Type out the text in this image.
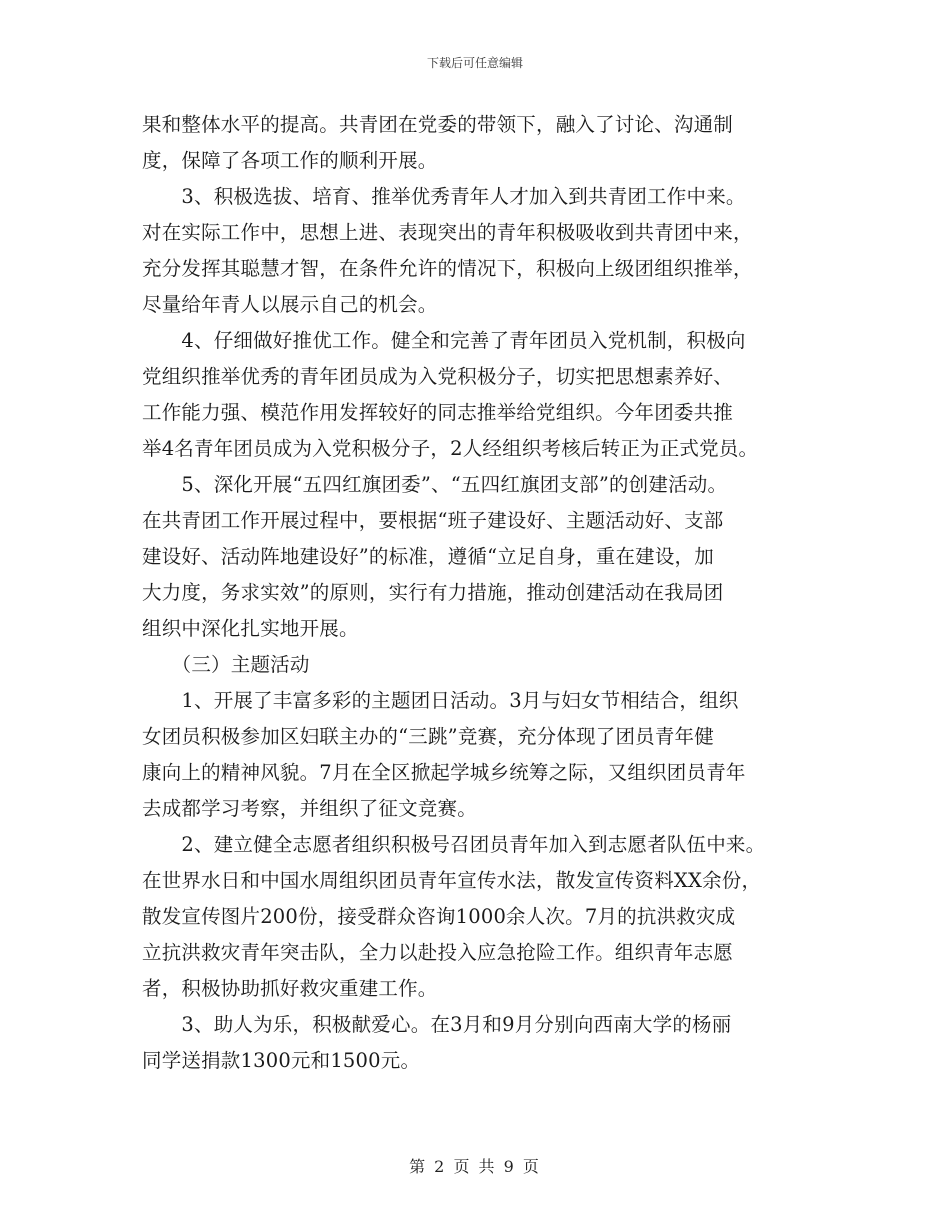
下载后可任意编辑
果和整体水平的提高。共青团在党委的带领下，融入了讨论、沟通制
度，保障了各项工作的顺利开展。
　　3、积极选拔、培育、推举优秀青年人才加入到共青团工作中来。
对在实际工作中，思想上进、表现突出的青年积极吸收到共青团中来，
充分发挥其聪慧才智，在条件允许的情况下，积极向上级团组织推举，
尽量给年青人以展示自己的机会。
　　4、仔细做好推优工作。健全和完善了青年团员入党机制，积极向
党组织推举优秀的青年团员成为入党积极分子，切实把思想素养好、
工作能力强、模范作用发挥较好的同志推举给党组织。今年团委共推
举4名青年团员成为入党积极分子，2人经组织考核后转正为正式党员。
　　5、深化开展“五四红旗团委”、“五四红旗团支部”的创建活动。
在共青团工作开展过程中，要根据“班子建设好、主题活动好、支部
建设好、活动阵地建设好”的标准，遵循“立足自身，重在建设，加
大力度，务求实效”的原则，实行有力措施，推动创建活动在我局团
组织中深化扎实地开展。
　　（三）主题活动
　　1、开展了丰富多彩的主题团日活动。3月与妇女节相结合，组织
女团员积极参加区妇联主办的“三跳”竞赛，充分体现了团员青年健
康向上的精神风貌。7月在全区掀起学城乡统筹之际，又组织团员青年
去成都学习考察，并组织了征文竞赛。
　　2、建立健全志愿者组织积极号召团员青年加入到志愿者队伍中来。
在世界水日和中国水周组织团员青年宣传水法，散发宣传资料XX余份，
散发宣传图片200份，接受群众咨询1000余人次。7月的抗洪救灾成
立抗洪救灾青年突击队，全力以赴投入应急抢险工作。组织青年志愿
者，积极协助抓好救灾重建工作。
　　3、助人为乐，积极献爱心。在3月和9月分别向西南大学的杨丽
同学送捐款1300元和1500元。
第 2 页 共 9 页
